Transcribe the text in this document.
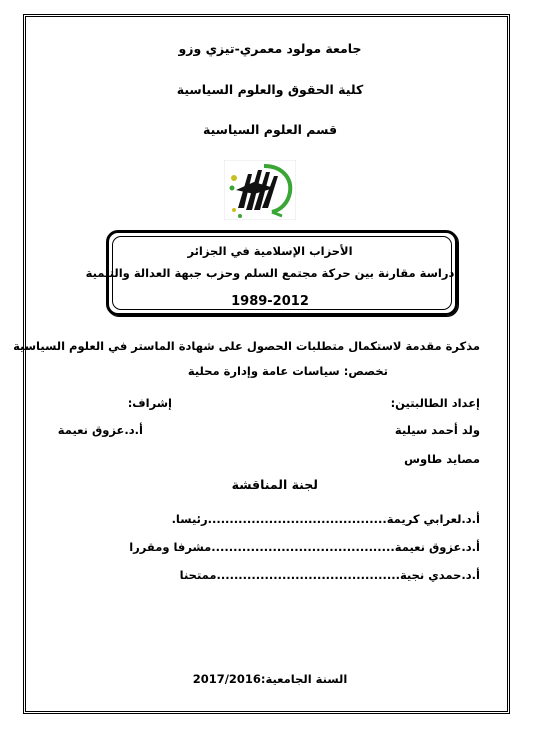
جامعة مولود معمري-تيزي وزو
كلية الحقوق والعلوم السياسية
قسم العلوم السياسية
الأحزاب الإسلامية في الجزائر
دراسة مقارنة بين حركة مجتمع السلم وحزب جبهة العدالة والتنمية
1989-2012
مذكرة مقدمة لاستكمال متطلبات الحصول على شهادة الماستر في العلوم السياسية
تخصص: سياسات عامة وإدارة محلية
إعداد الطالبتين:
إشراف:
ولد أحمد سيلية
أ.د.عزوق نعيمة
مصايد طاوس
لجنة المناقشة
أ.د.لعرابي كريمة.........................................رئيسا.
أ.د.عزوق نعيمة..........................................مشرفا ومقررا
أ.د.حمدي نجية..........................................ممتحنا
السنة الجامعية:2017/2016
